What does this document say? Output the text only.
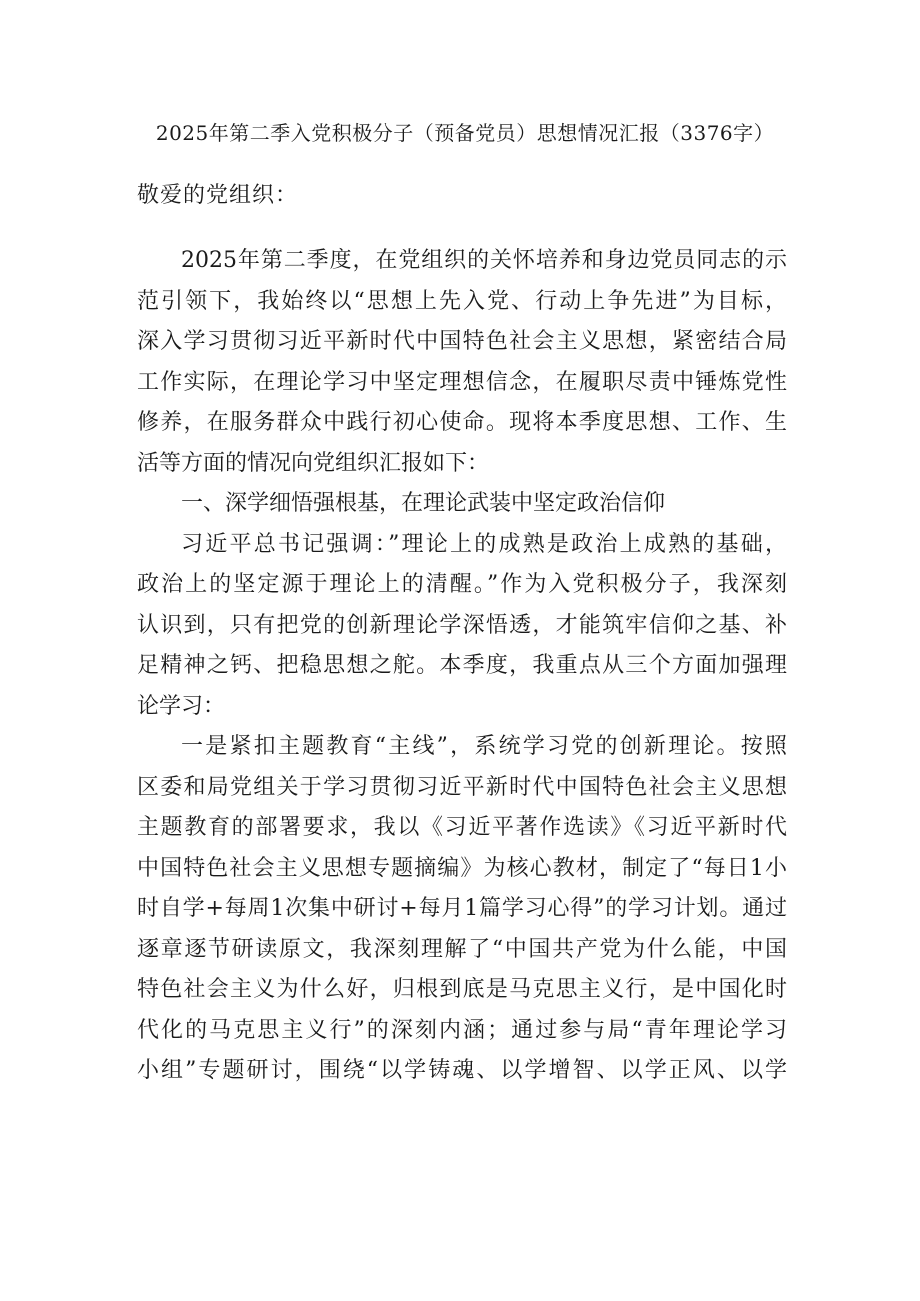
2025年第二季入党积极分子（预备党员）思想情况汇报（3376字）
敬爱的党组织：
2025年第二季度，在党组织的关怀培养和身边党员同志的示
范引领下，我始终以“思想上先入党、行动上争先进”为目标，
深入学习贯彻习近平新时代中国特色社会主义思想，紧密结合局
工作实际，在理论学习中坚定理想信念，在履职尽责中锤炼党性
修养，在服务群众中践行初心使命。现将本季度思想、工作、生
活等方面的情况向党组织汇报如下：
一、深学细悟强根基，在理论武装中坚定政治信仰
习近平总书记强调：”理论上的成熟是政治上成熟的基础，
政治上的坚定源于理论上的清醒。”作为入党积极分子，我深刻
认识到，只有把党的创新理论学深悟透，才能筑牢信仰之基、补
足精神之钙、把稳思想之舵。本季度，我重点从三个方面加强理
论学习：
一是紧扣主题教育“主线”，系统学习党的创新理论。按照
区委和局党组关于学习贯彻习近平新时代中国特色社会主义思想
主题教育的部署要求，我以《习近平著作选读》《习近平新时代
中国特色社会主义思想专题摘编》为核心教材，制定了“每日1小
时自学+每周1次集中研讨+每月1篇学习心得”的学习计划。通过
逐章逐节研读原文，我深刻理解了“中国共产党为什么能，中国
特色社会主义为什么好，归根到底是马克思主义行，是中国化时
代化的马克思主义行”的深刻内涵；通过参与局“青年理论学习
小组”专题研讨，围绕“以学铸魂、以学增智、以学正风、以学
